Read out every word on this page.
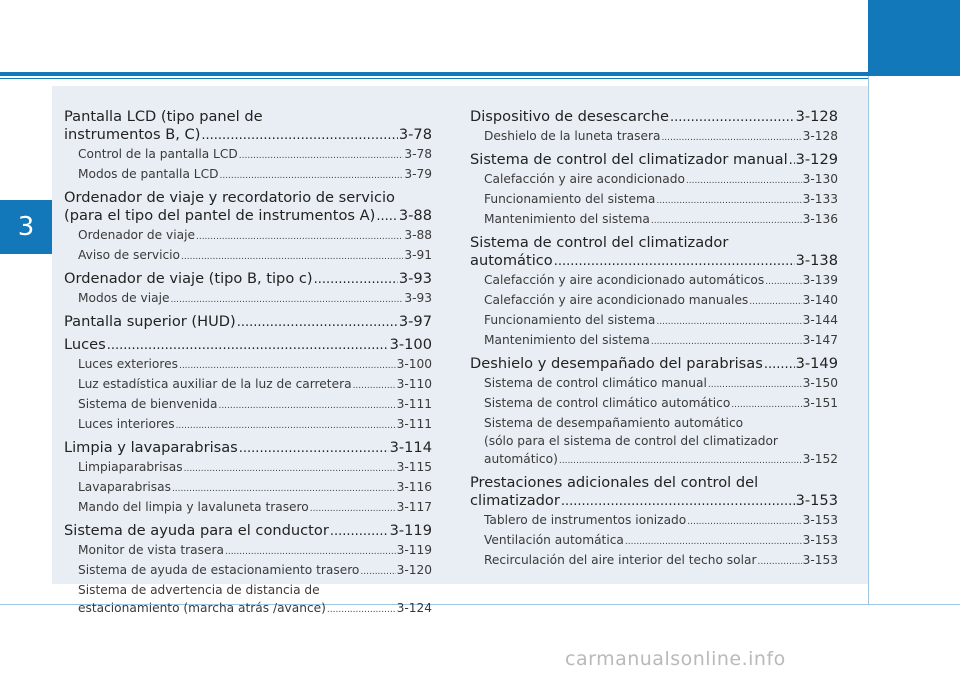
3
Pantalla LCD (tipo panel de
instrumentos B, C) .....	3-78
Control de la pantalla LCD .....	3-78
Modos de pantalla LCD .....	3-79
Ordenador de viaje y recordatorio de servicio
(para el tipo del pantel de instrumentos A) ..... 3-88
Ordenador de viaje .....	3-88
Aviso de servicio .....	3-91
Ordenador de viaje (tipo B, tipo c) .....	3-93
Modos de viaje .....	3-93
Pantalla superior (HUD) .....	3-97
Luces .....	3-100
Luces exteriores .....	3-100
Luz estadística auxiliar de la luz de carretera .....	3-110
Sistema de bienvenida .....	3-111
Luces interiores .....	3-111
Limpia y lavaparabrisas .....	3-114
Limpiaparabrisas .....	3-115
Lavaparabrisas .....	3-116
Mando del limpia y lavaluneta trasero .....	3-117
Sistema de ayuda para el conductor .....	3-119
Monitor de vista trasera .....	3-119
Sistema de ayuda de estacionamiento trasero .....	3-120
Sistema de advertencia de distancia de
estacionamiento (marcha atrás /avance) .....	3-124
Dispositivo de desescarche .....	3-128
Deshielo de la luneta trasera .....	3-128
Sistema de control del climatizador manual ..... 3-129
Calefacción y aire acondicionado .....	3-130
Funcionamiento del sistema .....	3-133
Mantenimiento del sistema .....	3-136
Sistema de control del climatizador
automático .....	3-138
Calefacción y aire acondicionado automáticos .....	3-139
Calefacción y aire acondicionado manuales .....	3-140
Funcionamiento del sistema .....	3-144
Mantenimiento del sistema .....	3-147
Deshielo y desempañado del parabrisas ..... 3-149
Sistema de control climático manual .....	3-150
Sistema de control climático automático .....	3-151
Sistema de desempañamiento automático
(sólo para el sistema de control del climatizador
automático) .....	3-152
Prestaciones adicionales del control del
climatizador .....	3-153
Tablero de instrumentos ionizado .....	3-153
Ventilación automática .....	3-153
Recirculación del aire interior del techo solar .....	3-153
carmanualsonline.info
